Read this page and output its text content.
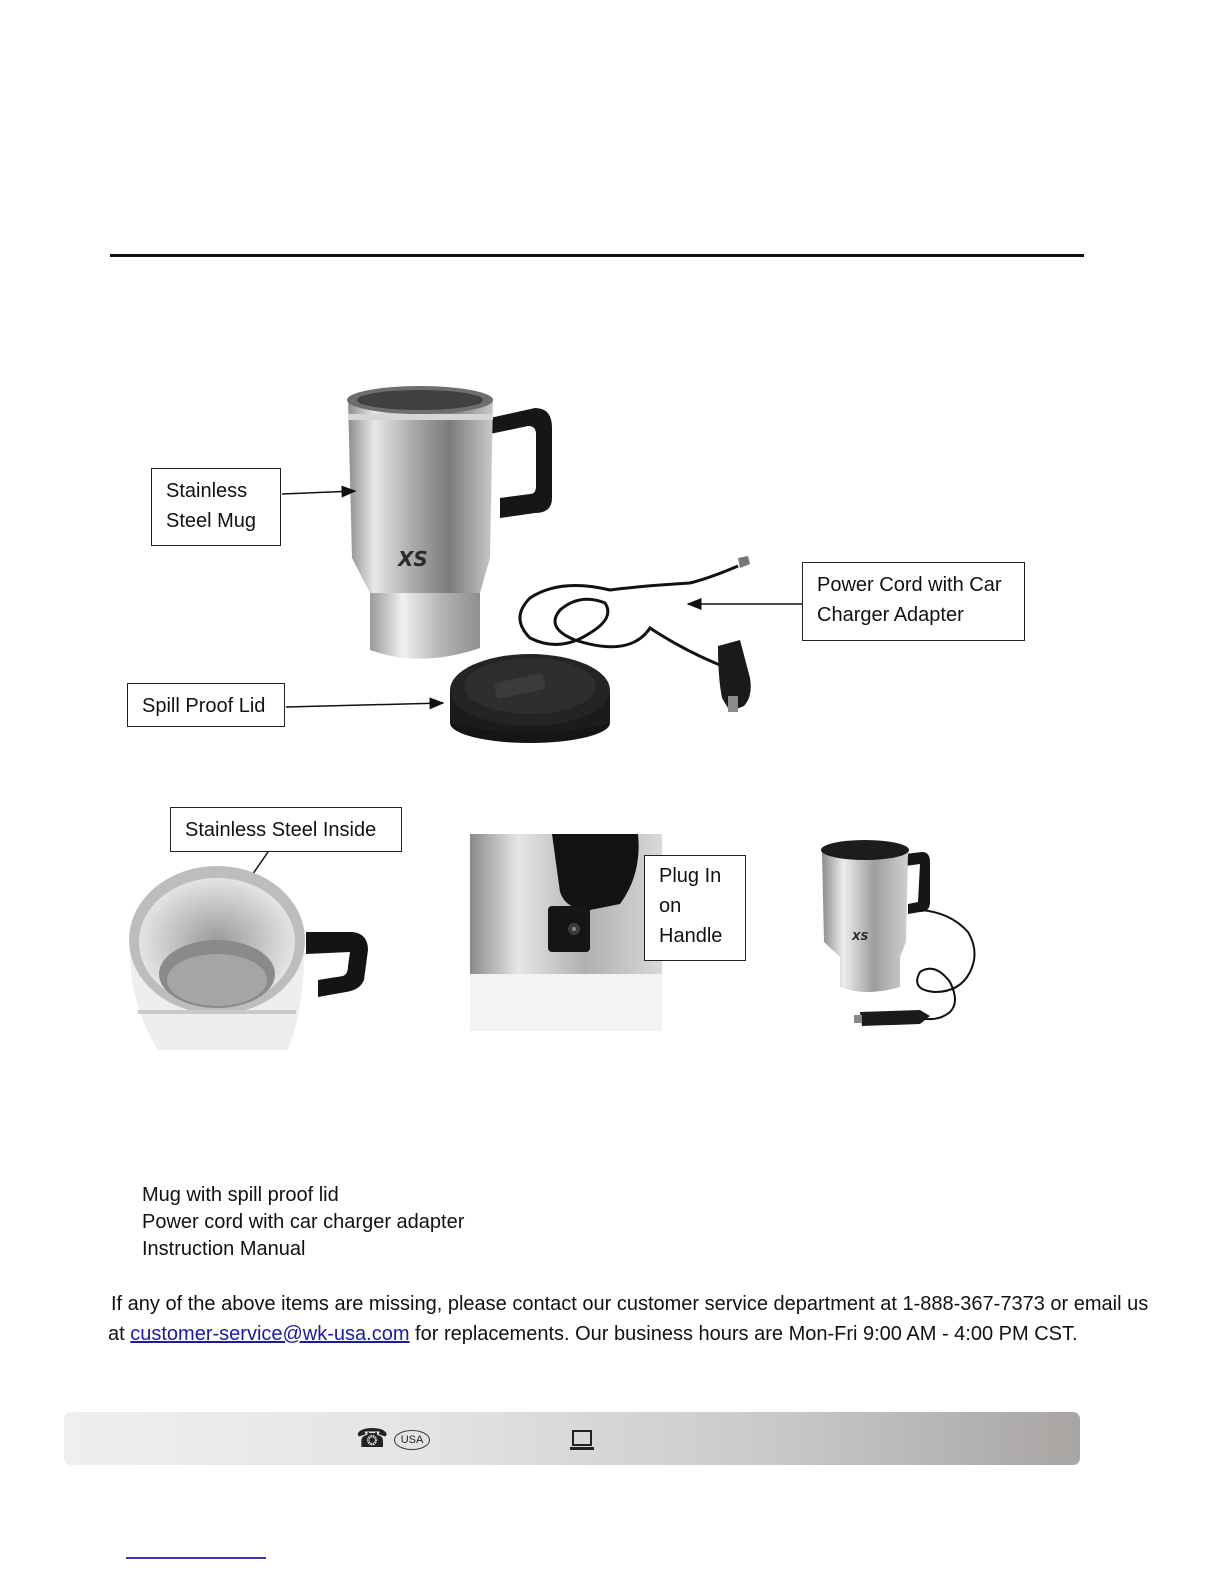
XS
XS
Stainless
Steel Mug
Power Cord with Car
Charger Adapter
Spill Proof Lid
Stainless Steel Inside
Plug In
on
Handle
Mug with spill proof lid
Power cord with car charger adapter
Instruction Manual
If any of the above items are missing, please contact our customer service department at 1-888-367-7373 or email us at customer-service@wk-usa.com for replacements. Our business hours are Mon-Fri 9:00 AM - 4:00 PM CST.
☎	USA
